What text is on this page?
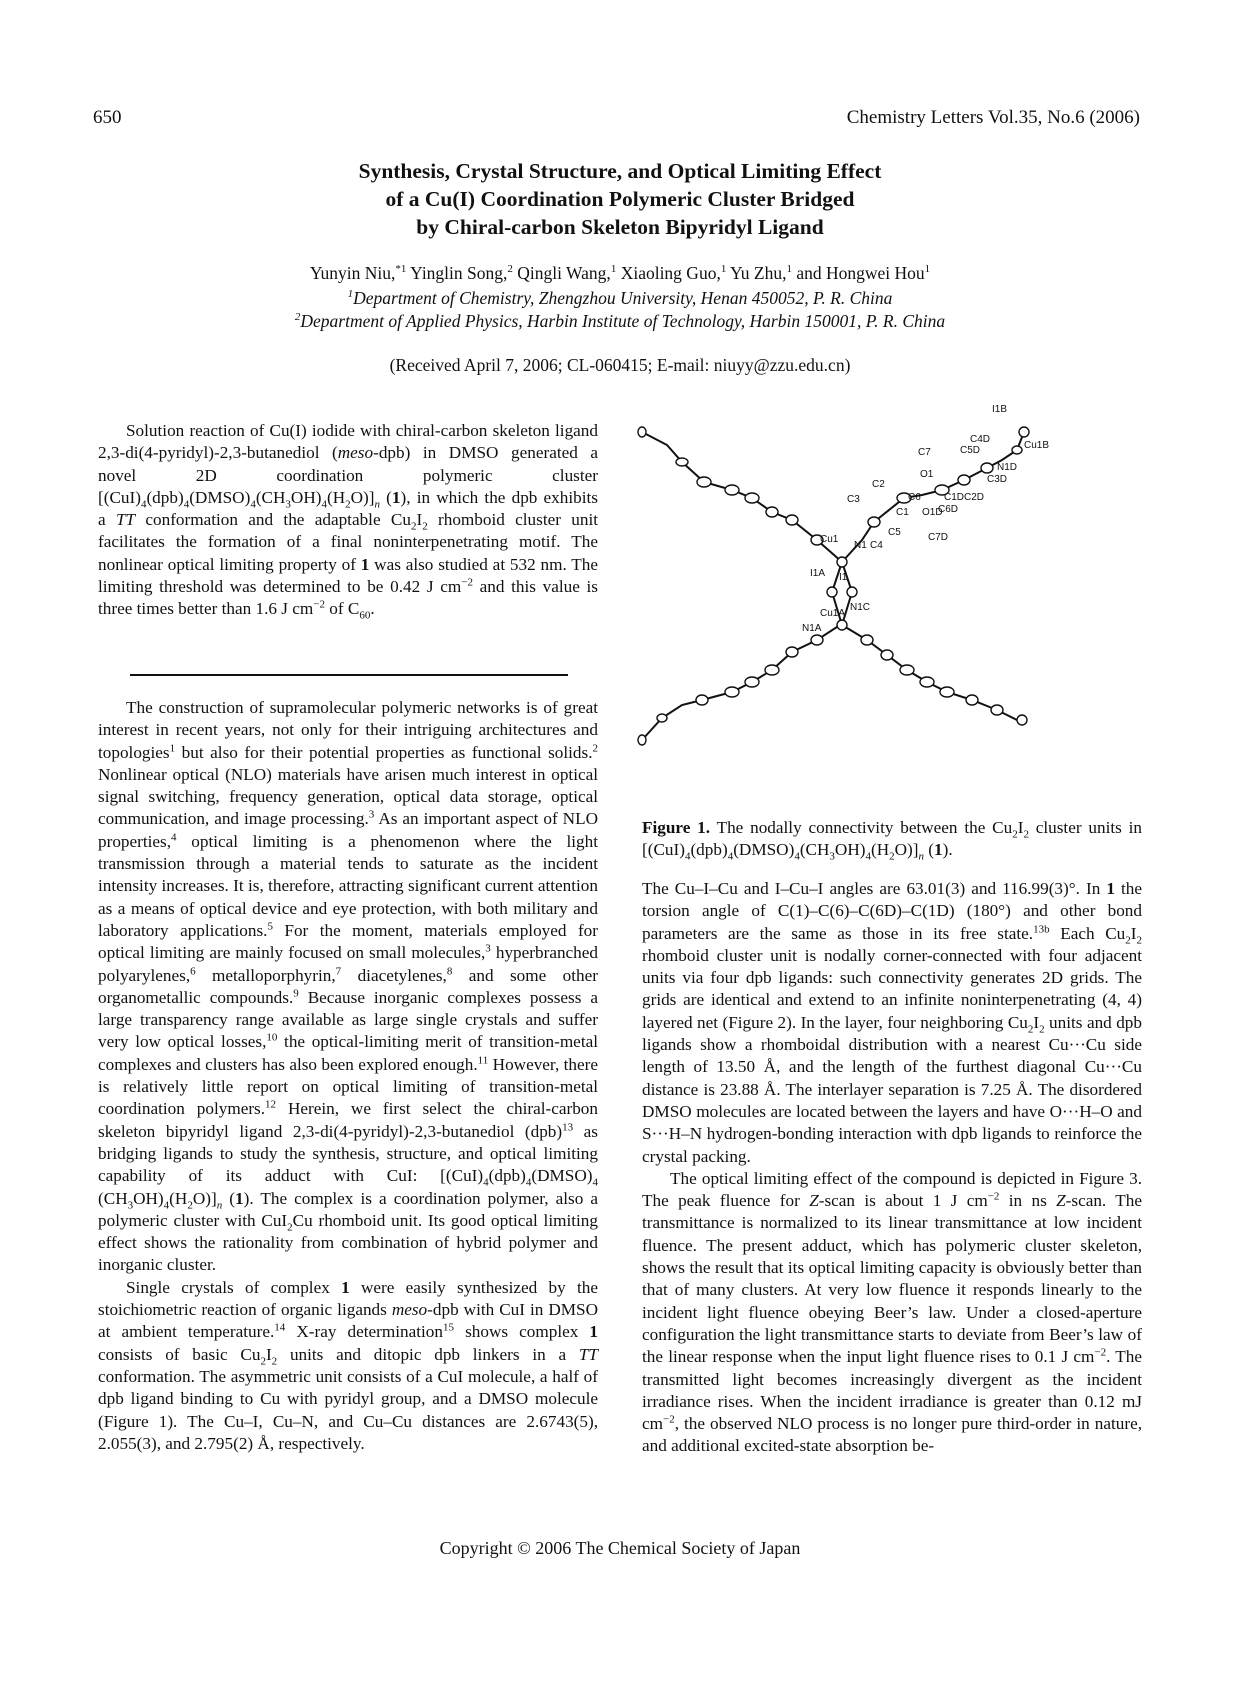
650	Chemistry Letters Vol.35, No.6 (2006)
Synthesis, Crystal Structure, and Optical Limiting Effect
of a Cu(I) Coordination Polymeric Cluster Bridged
by Chiral-carbon Skeleton Bipyridyl Ligand
Yunyin Niu,$^{*1}$ Yinglin Song,$^2$ Qingli Wang,$^1$ Xiaoling Guo,$^1$ Yu Zhu,$^1$ and Hongwei Hou$^1$
$^1$Department of Chemistry, Zhengzhou University, Henan 450052, P. R. China
$^2$Department of Applied Physics, Harbin Institute of Technology, Harbin 150001, P. R. China
(Received April 7, 2006; CL-060415; E-mail: niuyy@zzu.edu.cn)

Solution reaction of Cu(I) iodide with chiral-carbon skeleton ligand 2,3-di(4-pyridyl)-2,3-butanediol (meso-dpb) in DMSO generated a novel 2D coordination polymeric cluster $[(CuI)_4(dpb)_4(DMSO)_4(CH_3OH)_4(H_2O)]_n$ (1), in which the dpb exhibits a TT conformation and the adaptable $Cu_2I_2$ rhomboid cluster unit facilitates the formation of a final noninterpenetrating motif. The nonlinear optical limiting property of 1 was also studied at 532 nm. The limiting threshold was determined to be 0.42 J $cm^{-2}$ and this value is three times better than 1.6 J $cm^{-2}$ of $C_{60}$.

The construction of supramolecular polymeric networks is of great interest in recent years, not only for their intriguing architectures and topologies$^1$ but also for their potential properties as functional solids.$^2$ Nonlinear optical (NLO) materials have arisen much interest in optical signal switching, frequency generation, optical data storage, optical communication, and image processing.$^3$ As an important aspect of NLO properties,$^4$ optical limiting is a phenomenon where the light transmission through a material tends to saturate as the incident intensity increases. It is, therefore, attracting significant current attention as a means of optical device and eye protection, with both military and laboratory applications.$^5$ For the moment, materials employed for optical limiting are mainly focused on small molecules,$^3$ hyperbranched polyarylenes,$^6$ metalloporphyrin,$^7$ diacetylenes,$^8$ and some other organometallic compounds.$^9$ Because inorganic complexes possess a large transparency range available as large single crystals and suffer very low optical losses,$^{10}$ the optical-limiting merit of transition-metal complexes and clusters has also been explored enough.$^{11}$ However, there is relatively little report on optical limiting of transition-metal coordination polymers.$^{12}$ Herein, we first select the chiral-carbon skeleton bipyridyl ligand 2,3-di(4-pyridyl)-2,3-butanediol (dpb)$^{13}$ as bridging ligands to study the synthesis, structure, and optical limiting capability of its adduct with CuI: [$(CuI)_4(dpb)_4(DMSO)_4$ $(CH_3OH)_4(H_2O)]_n$ (1). The complex is a coordination polymer, also a polymeric cluster with CuI$_2$Cu rhomboid unit. Its good optical limiting effect shows the rationality from combination of hybrid polymer and inorganic cluster.

Single crystals of complex 1 were easily synthesized by the stoichiometric reaction of organic ligands meso-dpb with CuI in DMSO at ambient temperature.$^{14}$ X-ray determination$^{15}$ shows complex 1 consists of basic $Cu_2I_2$ units and ditopic dpb linkers in a TT conformation. The asymmetric unit consists of a CuI molecule, a half of dpb ligand binding to Cu with pyridyl group, and a DMSO molecule (Figure 1). The Cu–I, Cu–N, and Cu–Cu distances are 2.6743(5), 2.055(3), and 2.795(2) Å, respectively.

I1B
Cu1B
C4D
C5D
N1D
C3D
C7
O1
C2
C6 C1D C2D
C3
C1 O1D
C6D
C5	C7D
Cu1
N1 C4
I1A I1
Cu1A
N1C
N1A
Figure 1. The nodally connectivity between the $Cu_2I_2$ cluster units in $[(CuI)_4(dpb)_4(DMSO)_4(CH_3OH)_4(H_2O)]_n$ (1).

The Cu–I–Cu and I–Cu–I angles are 63.01(3) and 116.99(3)°. In 1 the torsion angle of C(1)–C(6)–C(6D)–C(1D) (180°) and other bond parameters are the same as those in its free state.$^{13b}$ Each $Cu_2I_2$ rhomboid cluster unit is nodally corner-connected with four adjacent units via four dpb ligands: such connectivity generates 2D grids. The grids are identical and extend to an infinite noninterpenetrating (4, 4) layered net (Figure 2). In the layer, four neighboring $Cu_2I_2$ units and dpb ligands show a rhomboidal distribution with a nearest Cu···Cu side length of 13.50 Å, and the length of the furthest diagonal Cu···Cu distance is 23.88 Å. The interlayer separation is 7.25 Å. The disordered DMSO molecules are located between the layers and have O···H–O and S···H–N hydrogen-bonding interaction with dpb ligands to reinforce the crystal packing.

The optical limiting effect of the compound is depicted in Figure 3. The peak fluence for Z-scan is about 1 J $cm^{-2}$ in ns Z-scan. The transmittance is normalized to its linear transmittance at low incident fluence. The present adduct, which has polymeric cluster skeleton, shows the result that its optical limiting capacity is obviously better than that of many clusters. At very low fluence it responds linearly to the incident light fluence obeying Beer’s law. Under a closed-aperture configuration the light transmittance starts to deviate from Beer’s law of the linear response when the input light fluence rises to 0.1 J $cm^{-2}$. The transmitted light becomes increasingly divergent as the incident irradiance rises. When the incident irradiance is greater than 0.12 mJ $cm^{-2}$, the observed NLO process is no longer pure third-order in nature, and additional excited-state absorption be-

Copyright © 2006 The Chemical Society of Japan
